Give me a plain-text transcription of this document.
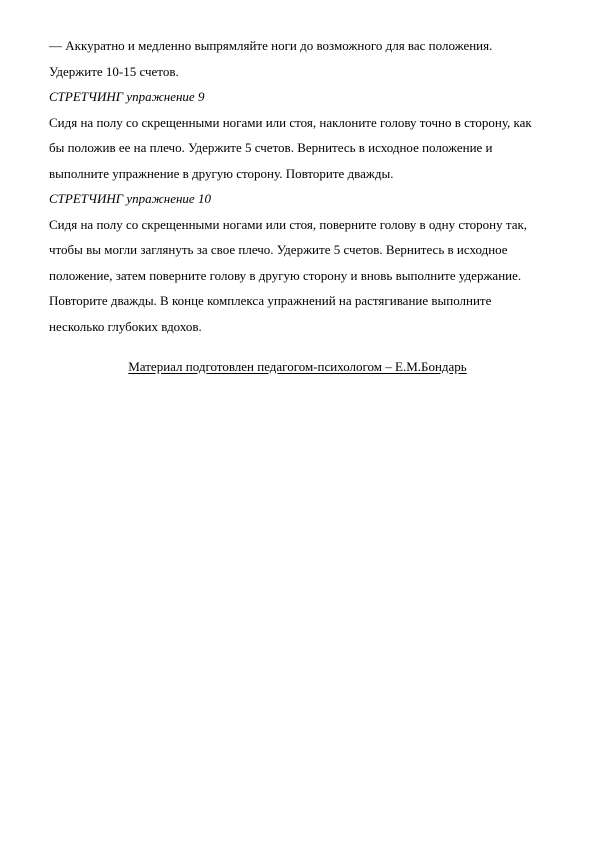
— Аккуратно и медленно выпрямляйте ноги до возможного для вас положения.
Удержите 10-15 счетов.
СТРЕТЧИНГ упражнение 9
Сидя на полу со скрещенными ногами или стоя, наклоните голову точно в сторону, как
бы положив ее на плечо. Удержите 5 счетов. Вернитесь в исходное положение и
выполните упражнение в другую сторону. Повторите дважды.
СТРЕТЧИНГ упражнение 10
Сидя на полу со скрещенными ногами или стоя, поверните голову в одну сторону так,
чтобы вы могли заглянуть за свое плечо. Удержите 5 счетов. Вернитесь в исходное
положение, затем поверните голову в другую сторону и вновь выполните удержание.
Повторите дважды. В конце комплекса упражнений на растягивание выполните
несколько глубоких вдохов.
Материал подготовлен педагогом-психологом – Е.М.Бондарь
